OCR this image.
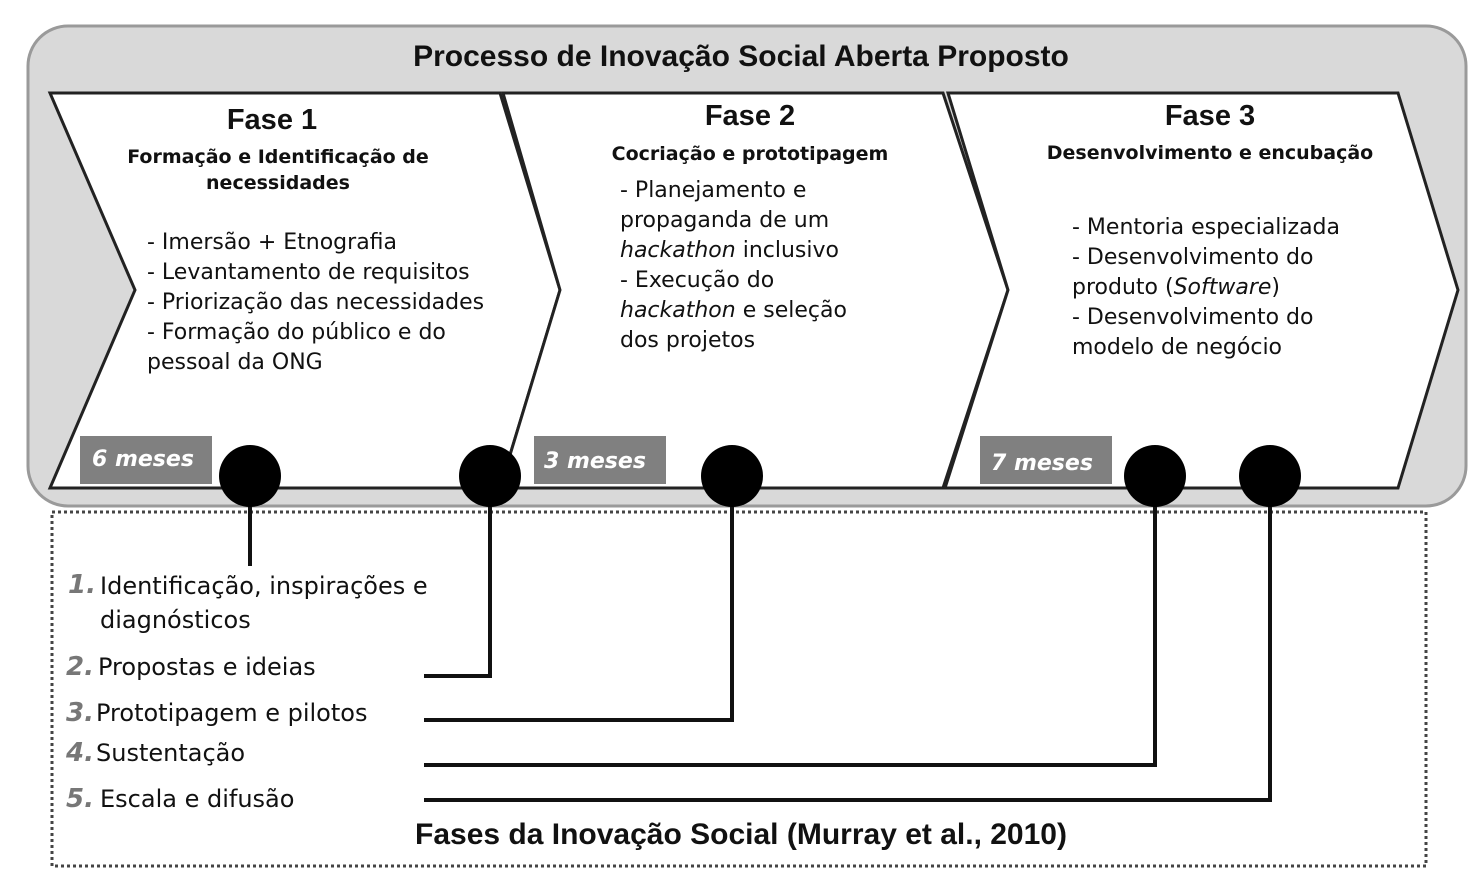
Processo de Inovação Social Aberta Proposto
Fase 1
Formação e Identificação de necessidades
- Imersão + Etnografia
- Levantamento de requisitos
- Priorização das necessidades
- Formação do público e do
pessoal da ONG
Fase 2
Cocriação e prototipagem
- Planejamento e
propaganda de um
hackathon inclusivo
- Execução do
hackathon e seleção
dos projetos
Fase 3
Desenvolvimento e encubação
- Mentoria especializada
- Desenvolvimento do
produto (Software)
- Desenvolvimento do
modelo de negócio
6 meses	3 meses	7 meses
1. Identificação, inspirações e
diagnósticos
2. Propostas e ideias
3. Prototipagem e pilotos
4. Sustentação
5. Escala e difusão
Fases da Inovação Social (Murray et al., 2010)
